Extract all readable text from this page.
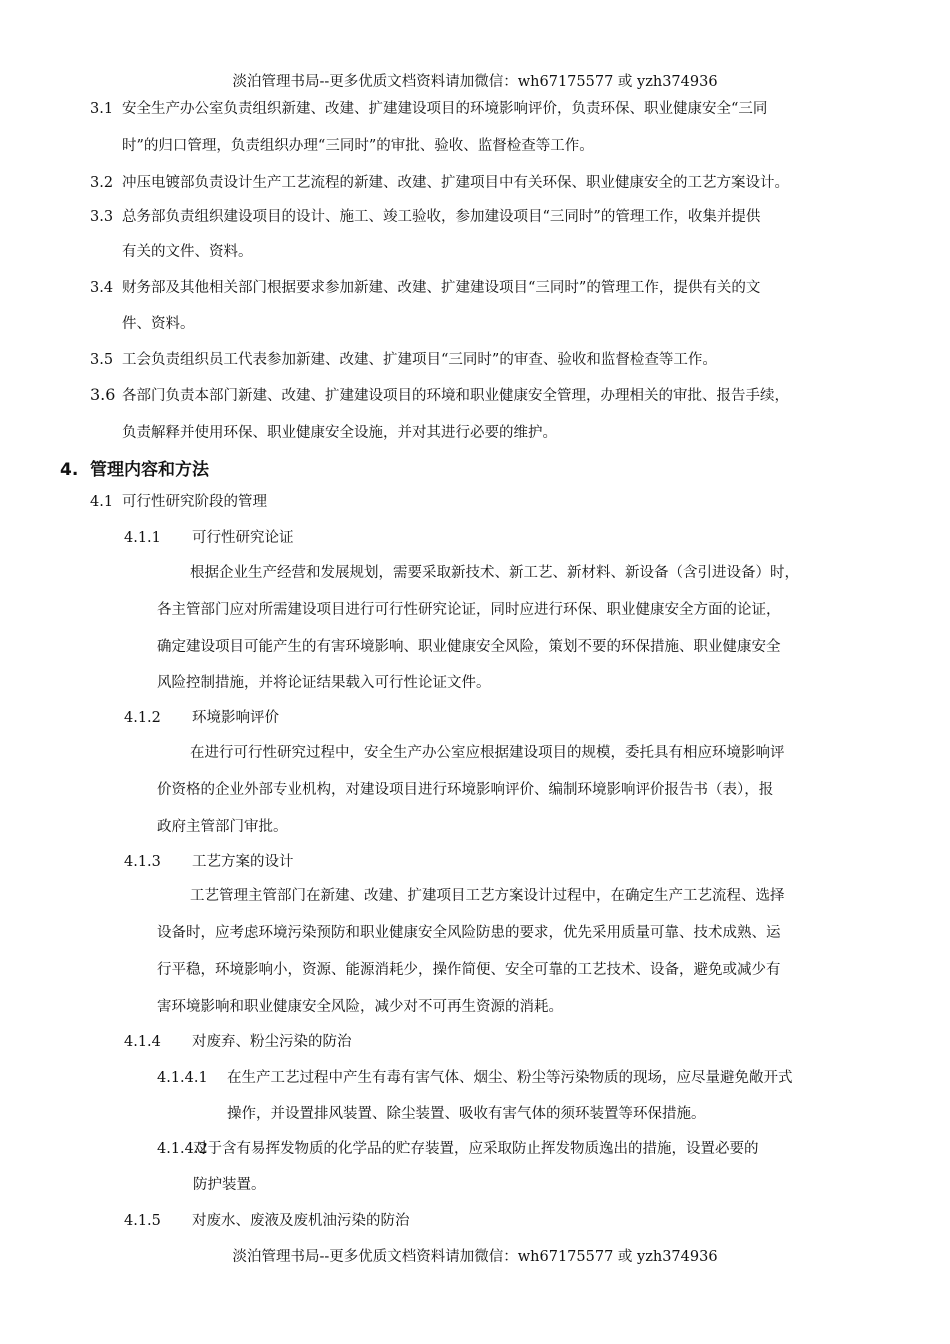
淡泊管理书局--更多优质文档资料请加微信：wh67175577 或 yzh374936
3.1 安全生产办公室负责组织新建、改建、扩建建设项目的环境影响评价，负责环保、职业健康安全“三同
时”的归口管理，负责组织办理“三同时”的审批、验收、监督检查等工作。
3.2 冲压电镀部负责设计生产工艺流程的新建、改建、扩建项目中有关环保、职业健康安全的工艺方案设计。
3.3 总务部负责组织建设项目的设计、施工、竣工验收，参加建设项目“三同时”的管理工作，收集并提供
有关的文件、资料。
3.4 财务部及其他相关部门根据要求参加新建、改建、扩建建设项目“三同时”的管理工作，提供有关的文
件、资料。
3.5 工会负责组织员工代表参加新建、改建、扩建项目“三同时”的审查、验收和监督检查等工作。
3.6 各部门负责本部门新建、改建、扩建建设项目的环境和职业健康安全管理，办理相关的审批、报告手续，
负责解释并使用环保、职业健康安全设施，并对其进行必要的维护。
4. 管理内容和方法
4.1 可行性研究阶段的管理
4.1.1 可行性研究论证
根据企业生产经营和发展规划，需要采取新技术、新工艺、新材料、新设备（含引进设备）时，
各主管部门应对所需建设项目进行可行性研究论证，同时应进行环保、职业健康安全方面的论证，
确定建设项目可能产生的有害环境影响、职业健康安全风险，策划不要的环保措施、职业健康安全
风险控制措施，并将论证结果载入可行性论证文件。
4.1.2 环境影响评价
在进行可行性研究过程中，安全生产办公室应根据建设项目的规模，委托具有相应环境影响评
价资格的企业外部专业机构，对建设项目进行环境影响评价、编制环境影响评价报告书（表），报
政府主管部门审批。
4.1.3 工艺方案的设计
工艺管理主管部门在新建、改建、扩建项目工艺方案设计过程中，在确定生产工艺流程、选择
设备时，应考虑环境污染预防和职业健康安全风险防患的要求，优先采用质量可靠、技术成熟、运
行平稳，环境影响小，资源、能源消耗少，操作简便、安全可靠的工艺技术、设备，避免或减少有
害环境影响和职业健康安全风险，减少对不可再生资源的消耗。
4.1.4 对废弃、粉尘污染的防治
4.1.4.1 在生产工艺过程中产生有毒有害气体、烟尘、粉尘等污染物质的现场，应尽量避免敞开式
操作，并设置排风装置、除尘装置、吸收有害气体的须环装置等环保措施。
4.1.4.2对于含有易挥发物质的化学品的贮存装置，应采取防止挥发物质逸出的措施，设置必要的
防护装置。
4.1.5 对废水、废液及废机油污染的防治
淡泊管理书局--更多优质文档资料请加微信：wh67175577 或 yzh374936
